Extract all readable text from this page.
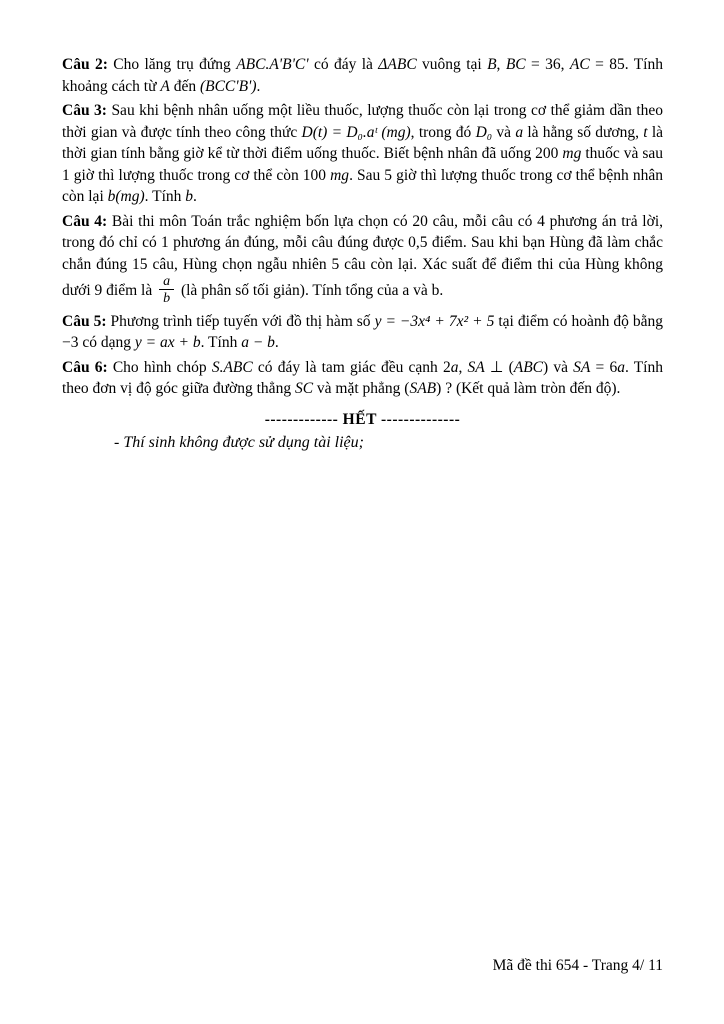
Câu 2: Cho lăng trụ đứng ABC.A'B'C' có đáy là ΔABC vuông tại B, BC = 36, AC = 85. Tính khoảng cách từ A đến (BCC'B').

Câu 3: Sau khi bệnh nhân uống một liều thuốc, lượng thuốc còn lại trong cơ thể giảm dần theo thời gian và được tính theo công thức D(t) = D₀.aᵗ (mg), trong đó D₀ và a là hằng số dương, t là thời gian tính bằng giờ kể từ thời điểm uống thuốc. Biết bệnh nhân đã uống 200 mg thuốc và sau 1 giờ thì lượng thuốc trong cơ thể còn 100 mg. Sau 5 giờ thì lượng thuốc trong cơ thể bệnh nhân còn lại b(mg). Tính b.

Câu 4: Bài thi môn Toán trắc nghiệm bốn lựa chọn có 20 câu, mỗi câu có 4 phương án trả lời, trong đó chỉ có 1 phương án đúng, mỗi câu đúng được 0,5 điểm. Sau khi bạn Hùng đã làm chắc chắn đúng 15 câu, Hùng chọn ngẫu nhiên 5 câu còn lại. Xác suất để điểm thi của Hùng không dưới 9 điểm là $\frac{a}{b}$ (là phân số tối giản). Tính tổng của a và b.

Câu 5: Phương trình tiếp tuyến với đồ thị hàm số y = −3x⁴ + 7x² + 5 tại điểm có hoành độ bằng −3 có dạng y = ax + b. Tính a − b.

Câu 6: Cho hình chóp S.ABC có đáy là tam giác đều cạnh 2a, SA ⊥ (ABC) và SA = 6a. Tính theo đơn vị độ góc giữa đường thẳng SC và mặt phẳng (SAB) ? (Kết quả làm tròn đến độ).

------------- HẾT --------------

- Thí sinh không được sử dụng tài liệu;

Mã đề thi 654 - Trang 4/ 11
